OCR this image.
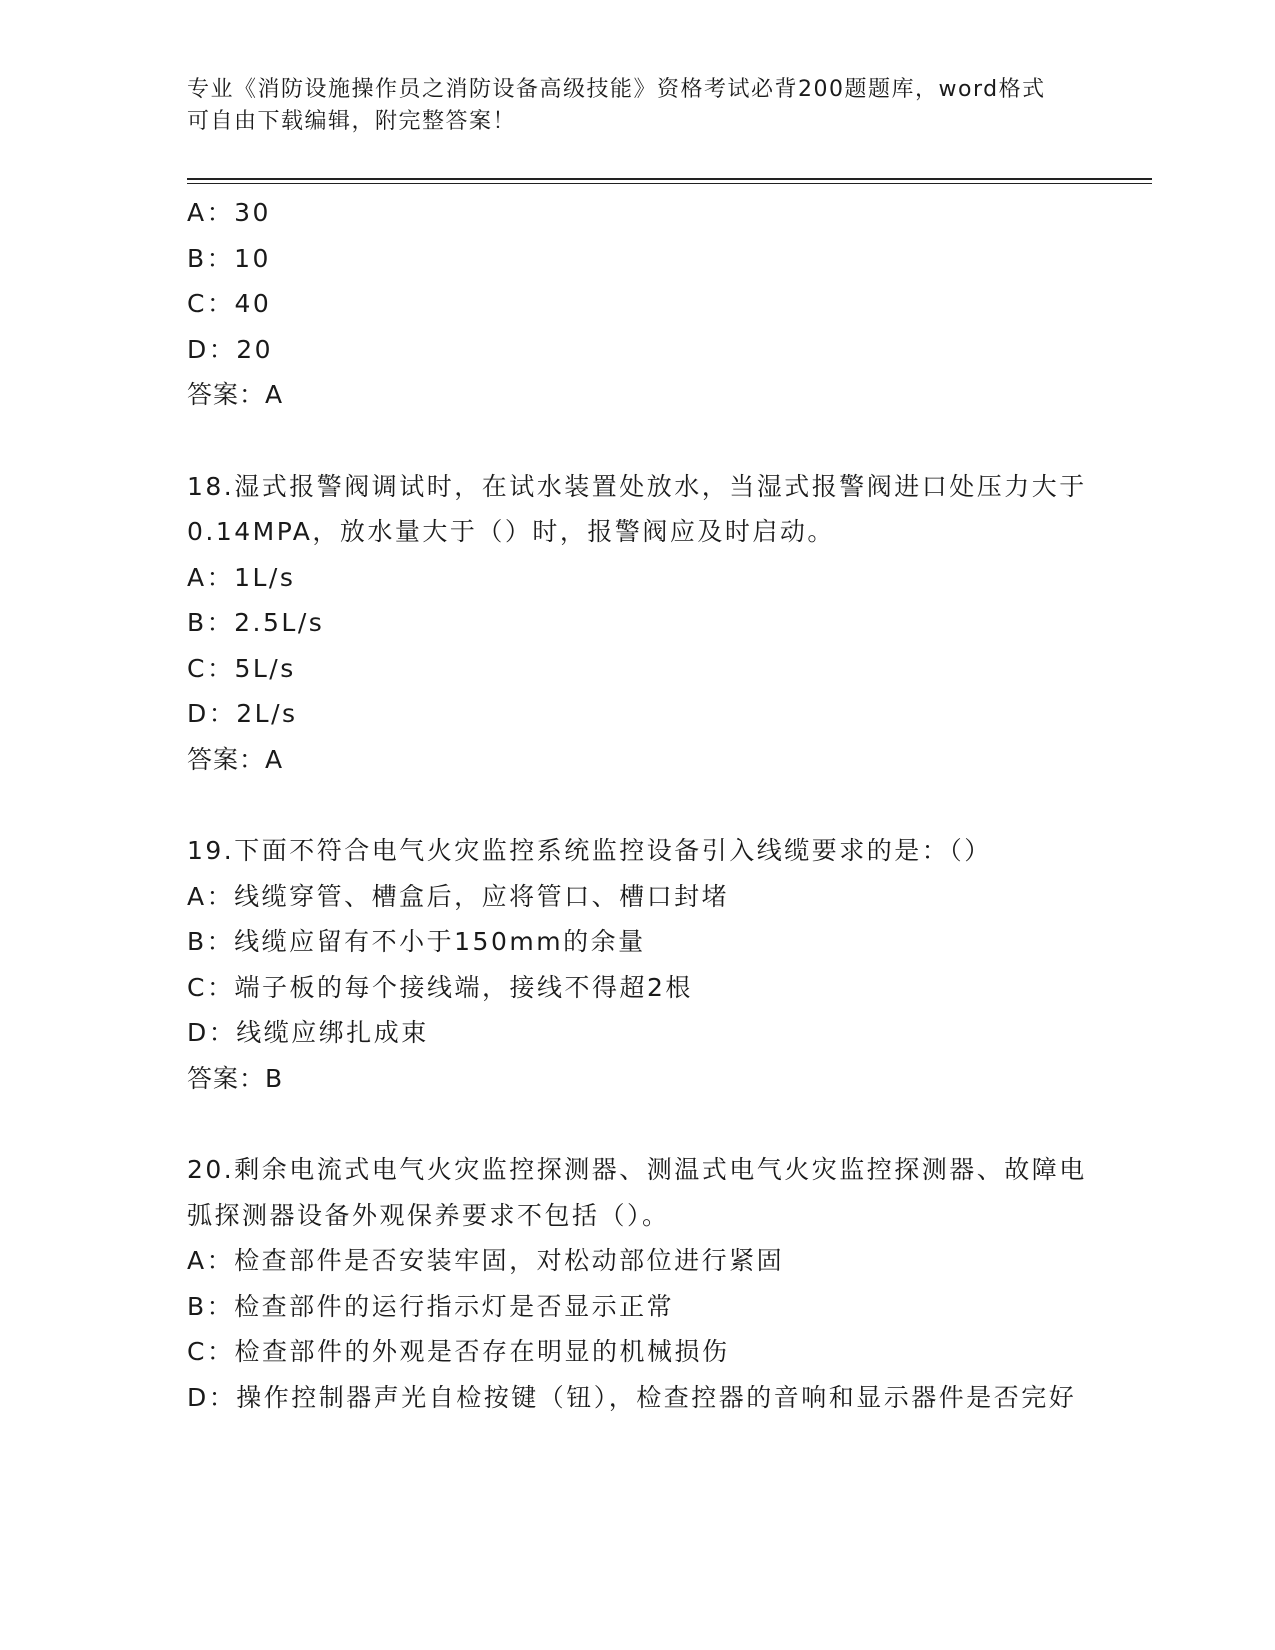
专业《消防设施操作员之消防设备高级技能》资格考试必背200题题库，word格式可自由下载编辑，附完整答案！
A：30
B：10
C：40
D：20
答案：A
18.湿式报警阀调试时，在试水装置处放水，当湿式报警阀进口处压力大于0.14MPA，放水量大于（）时，报警阀应及时启动。
A：1L/s
B：2.5L/s
C：5L/s
D：2L/s
答案：A
19.下面不符合电气火灾监控系统监控设备引入线缆要求的是：（）
A：线缆穿管、槽盒后，应将管口、槽口封堵
B：线缆应留有不小于150mm的余量
C：端子板的每个接线端，接线不得超2根
D：线缆应绑扎成束
答案：B
20.剩余电流式电气火灾监控探测器、测温式电气火灾监控探测器、故障电弧探测器设备外观保养要求不包括（）。
A：检查部件是否安装牢固，对松动部位进行紧固
B：检查部件的运行指示灯是否显示正常
C：检查部件的外观是否存在明显的机械损伤
D：操作控制器声光自检按键（钮），检查控器的音响和显示器件是否完好
